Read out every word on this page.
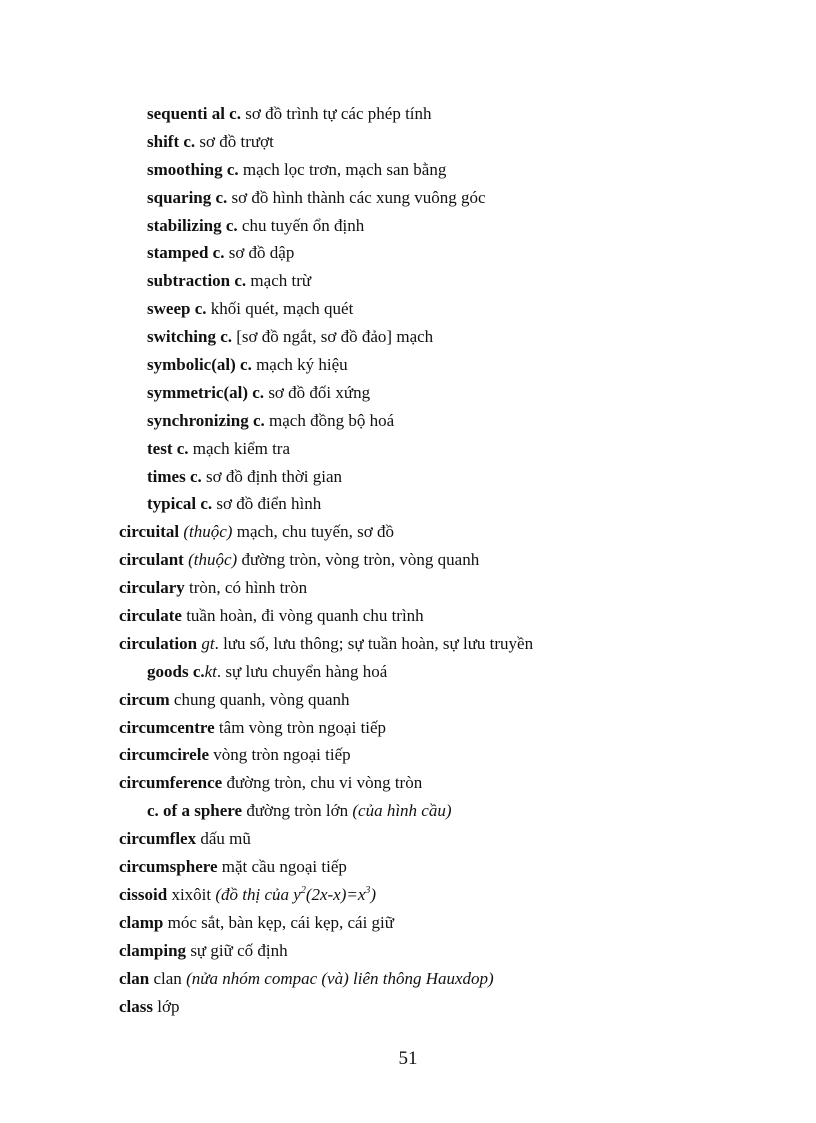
sequenti al c. sơ đồ trình tự các phép tính
shift c. sơ đồ trượt
smoothing c. mạch lọc trơn, mạch san bằng
squaring c. sơ đồ hình thành các xung vuông góc
stabilizing c. chu tuyến ổn định
stamped c. sơ đồ dập
subtraction c. mạch trừ
sweep c. khối quét, mạch quét
switching c. [sơ đồ ngắt, sơ đồ đảo] mạch
symbolic(al) c. mạch ký hiệu
symmetric(al) c. sơ đồ đối xứng
synchronizing c. mạch đồng bộ hoá
test c. mạch kiểm tra
times c. sơ đồ định thời gian
typical c. sơ đồ điển hình
circuital (thuộc) mạch, chu tuyến, sơ đồ
circulant (thuộc) đường tròn, vòng tròn, vòng quanh
circulary tròn, có hình tròn
circulate tuần hoàn, đi vòng quanh chu trình
circulation gt. lưu số, lưu thông; sự tuần hoàn, sự lưu truyền
goods c.kt. sự lưu chuyển hàng hoá
circum chung quanh, vòng quanh
circumcentre tâm vòng tròn ngoại tiếp
circumcirele vòng tròn ngoại tiếp
circumference đường tròn, chu vi vòng tròn
c. of a sphere đường tròn lớn (của hình cầu)
circumflex dấu mũ
circumsphere mặt cầu ngoại tiếp
cissoid xixôit (đồ thị của $y^2(2x-x)=x^3$)
clamp móc sắt, bàn kẹp, cái kẹp, cái giữ
clamping sự giữ cố định
clan clan (nửa nhóm compac (và) liên thông Hauxdop)
class lớp
51
